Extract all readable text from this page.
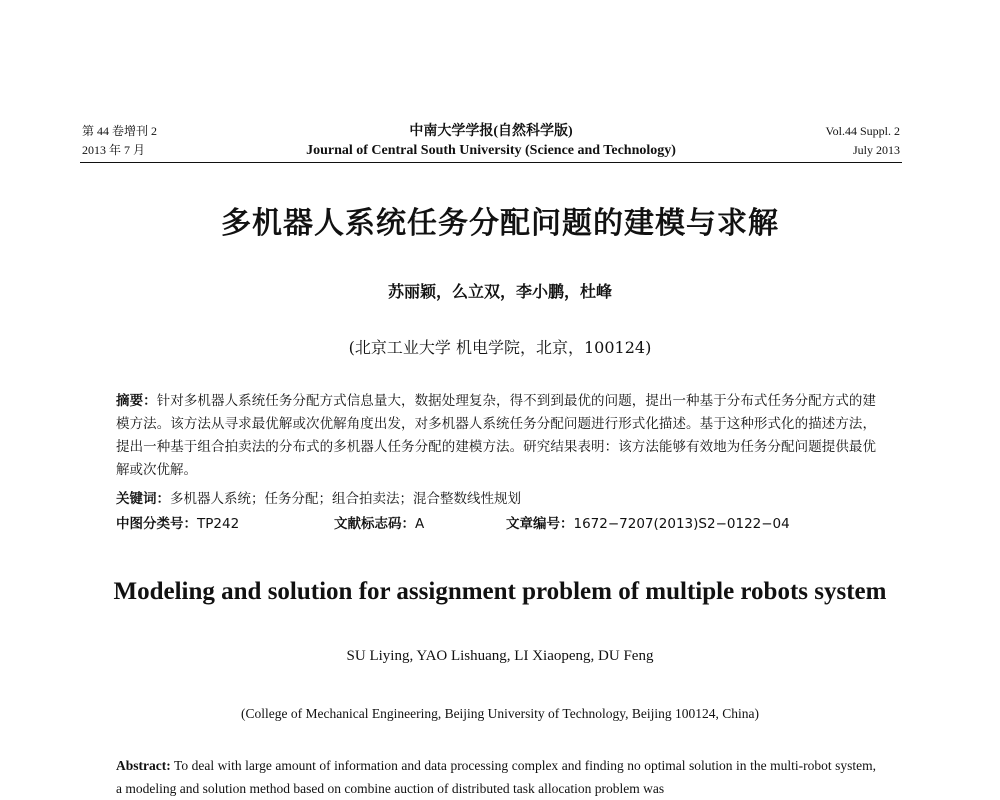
第 44 卷增刊 2
2013 年 7 月
中南大学学报(自然科学版)
Journal of Central South University (Science and Technology)
Vol.44 Suppl. 2
July 2013
多机器人系统任务分配问题的建模与求解
苏丽颖，么立双，李小鹏，杜峰
(北京工业大学 机电学院，北京，100124)
摘要：针对多机器人系统任务分配方式信息量大，数据处理复杂，得不到到最优的问题，提出一种基于分布式任务分配方式的建模方法。该方法从寻求最优解或次优解角度出发，对多机器人系统任务分配问题进行形式化描述。基于这种形式化的描述方法，提出一种基于组合拍卖法的分布式的多机器人任务分配的建模方法。研究结果表明：该方法能够有效地为任务分配问题提供最优解或次优解。
关键词：多机器人系统；任务分配；组合拍卖法；混合整数线性规划
中图分类号：TP242	文献标志码：A	文章编号：1672−7207(2013)S2−0122−04
Modeling and solution for assignment problem of multiple robots system
SU Liying, YAO Lishuang, LI Xiaopeng, DU Feng
(College of Mechanical Engineering, Beijing University of Technology, Beijing 100124, China)
Abstract: To deal with large amount of information and data processing complex and finding no optimal solution in the multi-robot system, a modeling and solution method based on combine auction of distributed task allocation problem was
